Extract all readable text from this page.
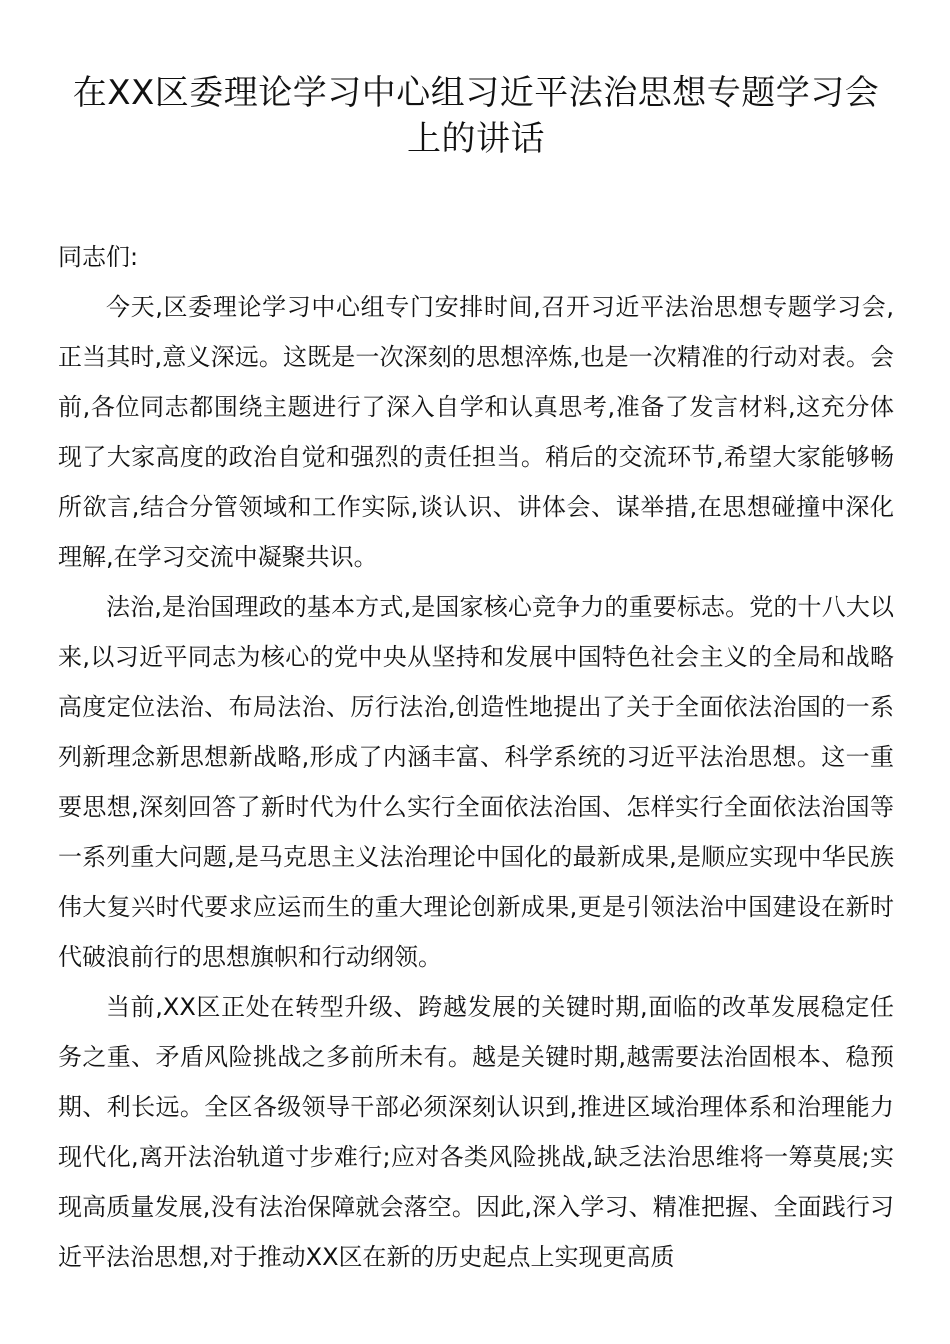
在XX区委理论学习中心组习近平法治思想专题学习会上的讲话

同志们:

今天,区委理论学习中心组专门安排时间,召开习近平法治思想专题学习会,正当其时,意义深远。这既是一次深刻的思想淬炼,也是一次精准的行动对表。会前,各位同志都围绕主题进行了深入自学和认真思考,准备了发言材料,这充分体现了大家高度的政治自觉和强烈的责任担当。稍后的交流环节,希望大家能够畅所欲言,结合分管领域和工作实际,谈认识、讲体会、谋举措,在思想碰撞中深化理解,在学习交流中凝聚共识。

法治,是治国理政的基本方式,是国家核心竞争力的重要标志。党的十八大以来,以习近平同志为核心的党中央从坚持和发展中国特色社会主义的全局和战略高度定位法治、布局法治、厉行法治,创造性地提出了关于全面依法治国的一系列新理念新思想新战略,形成了内涵丰富、科学系统的习近平法治思想。这一重要思想,深刻回答了新时代为什么实行全面依法治国、怎样实行全面依法治国等一系列重大问题,是马克思主义法治理论中国化的最新成果,是顺应实现中华民族伟大复兴时代要求应运而生的重大理论创新成果,更是引领法治中国建设在新时代破浪前行的思想旗帜和行动纲领。

当前,XX区正处在转型升级、跨越发展的关键时期,面临的改革发展稳定任务之重、矛盾风险挑战之多前所未有。越是关键时期,越需要法治固根本、稳预期、利长远。全区各级领导干部必须深刻认识到,推进区域治理体系和治理能力现代化,离开法治轨道寸步难行;应对各类风险挑战,缺乏法治思维将一筹莫展;实现高质量发展,没有法治保障就会落空。因此,深入学习、精准把握、全面践行习近平法治思想,对于推动XX区在新的历史起点上实现更高质
